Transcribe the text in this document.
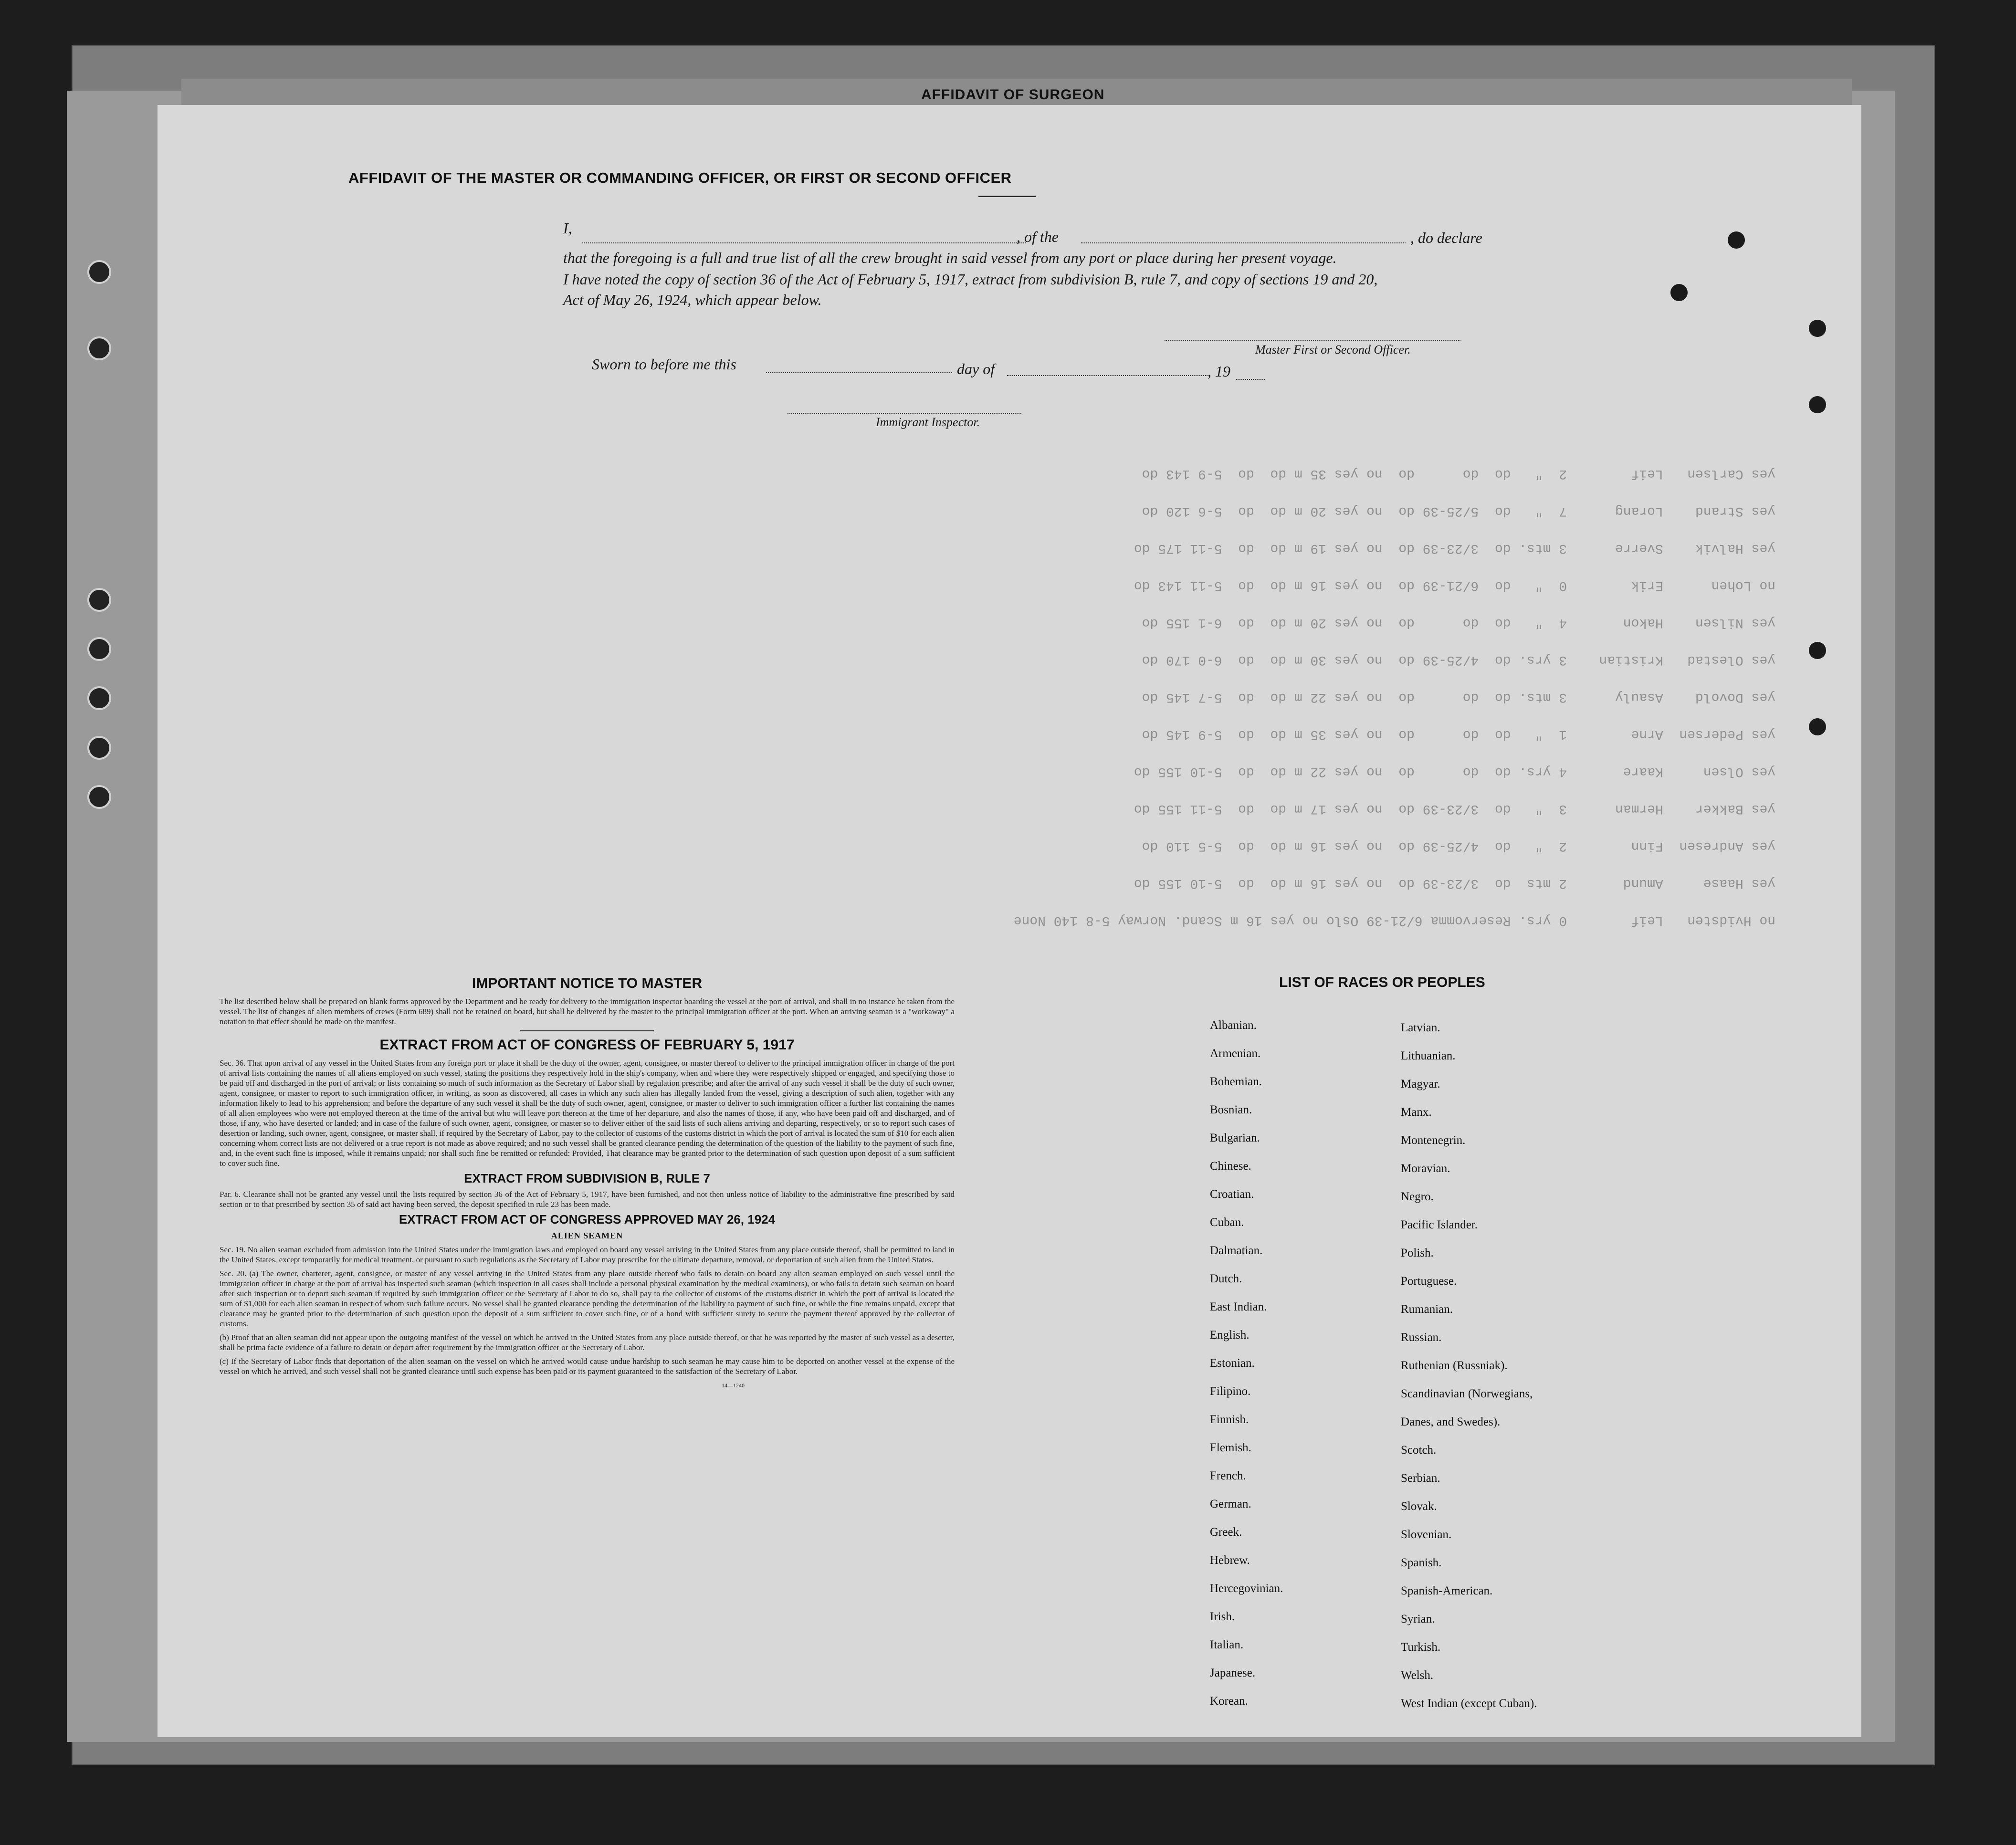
AFFIDAVIT OF SURGEON
AFFIDAVIT OF THE MASTER OR COMMANDING OFFICER, OR FIRST OR SECOND OFFICER
I,	, of the	, do declare
that the foregoing is a full and true list of all the crew brought in said vessel from any port or place during her present voyage.
I have noted the copy of section 36 of the Act of February 5, 1917, extract from subdivision B, rule 7, and copy of sections 19 and 20,
Act of May 26, 1924, which appear below.
Master First or Second Officer.
Sworn to before me this	day of	, 19
Immigrant Inspector.
no Hvidsten   Leif        0 yrs. Reservomma 6/21-39 Oslo no yes 16 m Scand. Norway 5-8 140 None
yes Haase     Amund       2 mts  do  3/23-39 do  no yes 16 m do  do  5-10 155 do
yes Andresen  Finn        2  "   do  4/25-39 do  no yes 16 m do  do  5-5 110 do
yes Bakker    Herman      3  "   do  3/23-39 do  no yes 17 m do  do  5-11 155 do
yes Olsen     Kaare       4 yrs. do  do      do  no yes 22 m do  do  5-10 155 do
yes Pedersen  Arne        1  "   do  do      do  no yes 35 m do  do  5-9 145 do
yes Dovold    Asauly      3 mts. do  do      do  no yes 22 m do  do  5-7 145 do
yes Olestad   Kristian    3 yrs. do  4/25-39 do  no yes 30 m do  do  6-0 170 do
yes Nilsen    Hakon       4  "   do  do      do  no yes 20 m do  do  6-1 155 do
no Lohen      Erik        0  "   do  6/21-39 do  no yes 16 m do  do  5-11 143 do
yes Halvik    Sverre      3 mts. do  3/23-39 do  no yes 19 m do  do  5-11 175 do
yes Strand    Lorang      7  "   do  5/25-39 do  no yes 20 m do  do  5-6 120 do
yes Carlsen   Leif        2  "   do  do      do  no yes 35 m do  do  5-9 143 do
IMPORTANT NOTICE TO MASTER

The list described below shall be prepared on blank forms approved by the Department and be ready for delivery to the immigration inspector boarding the vessel at the port of arrival, and shall in no instance be taken from the vessel. The list of changes of alien members of crews (Form 689) shall not be retained on board, but shall be delivered by the master to the principal immigration officer at the port. When an arriving seaman is a "workaway" a notation to that effect should be made on the manifest.

EXTRACT FROM ACT OF CONGRESS OF FEBRUARY 5, 1917

Sec. 36. That upon arrival of any vessel in the United States from any foreign port or place it shall be the duty of the owner, agent, consignee, or master thereof to deliver to the principal immigration officer in charge of the port of arrival lists containing the names of all aliens employed on such vessel, stating the positions they respectively hold in the ship's company, when and where they were respectively shipped or engaged, and specifying those to be paid off and discharged in the port of arrival; or lists containing so much of such information as the Secretary of Labor shall by regulation prescribe; and after the arrival of any such vessel it shall be the duty of such owner, agent, consignee, or master to report to such immigration officer, in writing, as soon as discovered, all cases in which any such alien has illegally landed from the vessel, giving a description of such alien, together with any information likely to lead to his apprehension; and before the departure of any such vessel it shall be the duty of such owner, agent, consignee, or master to deliver to such immigration officer a further list containing the names of all alien employees who were not employed thereon at the time of the arrival but who will leave port thereon at the time of her departure, and also the names of those, if any, who have been paid off and discharged, and of those, if any, who have deserted or landed; and in case of the failure of such owner, agent, consignee, or master so to deliver either of the said lists of such aliens arriving and departing, respectively, or so to report such cases of desertion or landing, such owner, agent, consignee, or master shall, if required by the Secretary of Labor, pay to the collector of customs of the customs district in which the port of arrival is located the sum of $10 for each alien concerning whom correct lists are not delivered or a true report is not made as above required; and no such vessel shall be granted clearance pending the determination of the question of the liability to the payment of such fine, and, in the event such fine is imposed, while it remains unpaid; nor shall such fine be remitted or refunded: Provided, That clearance may be granted prior to the determination of such question upon deposit of a sum sufficient to cover such fine.

EXTRACT FROM SUBDIVISION B, RULE 7

Par. 6. Clearance shall not be granted any vessel until the lists required by section 36 of the Act of February 5, 1917, have been furnished, and not then unless notice of liability to the administrative fine prescribed by said section or to that prescribed by section 35 of said act having been served, the deposit specified in rule 23 has been made.

EXTRACT FROM ACT OF CONGRESS APPROVED MAY 26, 1924
ALIEN SEAMEN

Sec. 19. No alien seaman excluded from admission into the United States under the immigration laws and employed on board any vessel arriving in the United States from any place outside thereof, shall be permitted to land in the United States, except temporarily for medical treatment, or pursuant to such regulations as the Secretary of Labor may prescribe for the ultimate departure, removal, or deportation of such alien from the United States.

Sec. 20. (a) The owner, charterer, agent, consignee, or master of any vessel arriving in the United States from any place outside thereof who fails to detain on board any alien seaman employed on such vessel until the immigration officer in charge at the port of arrival has inspected such seaman (which inspection in all cases shall include a personal physical examination by the medical examiners), or who fails to detain such seaman on board after such inspection or to deport such seaman if required by such immigration officer or the Secretary of Labor to do so, shall pay to the collector of customs of the customs district in which the port of arrival is located the sum of $1,000 for each alien seaman in respect of whom such failure occurs. No vessel shall be granted clearance pending the determination of the liability to payment of such fine, or while the fine remains unpaid, except that clearance may be granted prior to the determination of such question upon the deposit of a sum sufficient to cover such fine, or of a bond with sufficient surety to secure the payment thereof approved by the collector of customs.

(b) Proof that an alien seaman did not appear upon the outgoing manifest of the vessel on which he arrived in the United States from any place outside thereof, or that he was reported by the master of such vessel as a deserter, shall be prima facie evidence of a failure to detain or deport after requirement by the immigration officer or the Secretary of Labor.

(c) If the Secretary of Labor finds that deportation of the alien seaman on the vessel on which he arrived would cause undue hardship to such seaman he may cause him to be deported on another vessel at the expense of the vessel on which he arrived, and such vessel shall not be granted clearance until such expense has been paid or its payment guaranteed to the satisfaction of the Secretary of Labor.

14—1240
LIST OF RACES OR PEOPLES
Albanian.
Armenian.
Bohemian.
Bosnian.
Bulgarian.
Chinese.
Croatian.
Cuban.
Dalmatian.
Dutch.
East Indian.
English.
Estonian.
Filipino.
Finnish.
Flemish.
French.
German.
Greek.
Hebrew.
Hercegovinian.
Irish.
Italian.
Japanese.
Korean.
Latvian.
Lithuanian.
Magyar.
Manx.
Montenegrin.
Moravian.
Negro.
Pacific Islander.
Polish.
Portuguese.
Rumanian.
Russian.
Ruthenian (Russniak).
Scandinavian (Norwegians,
Danes, and Swedes).
Scotch.
Serbian.
Slovak.
Slovenian.
Spanish.
Spanish-American.
Syrian.
Turkish.
Welsh.
West Indian (except Cuban).
